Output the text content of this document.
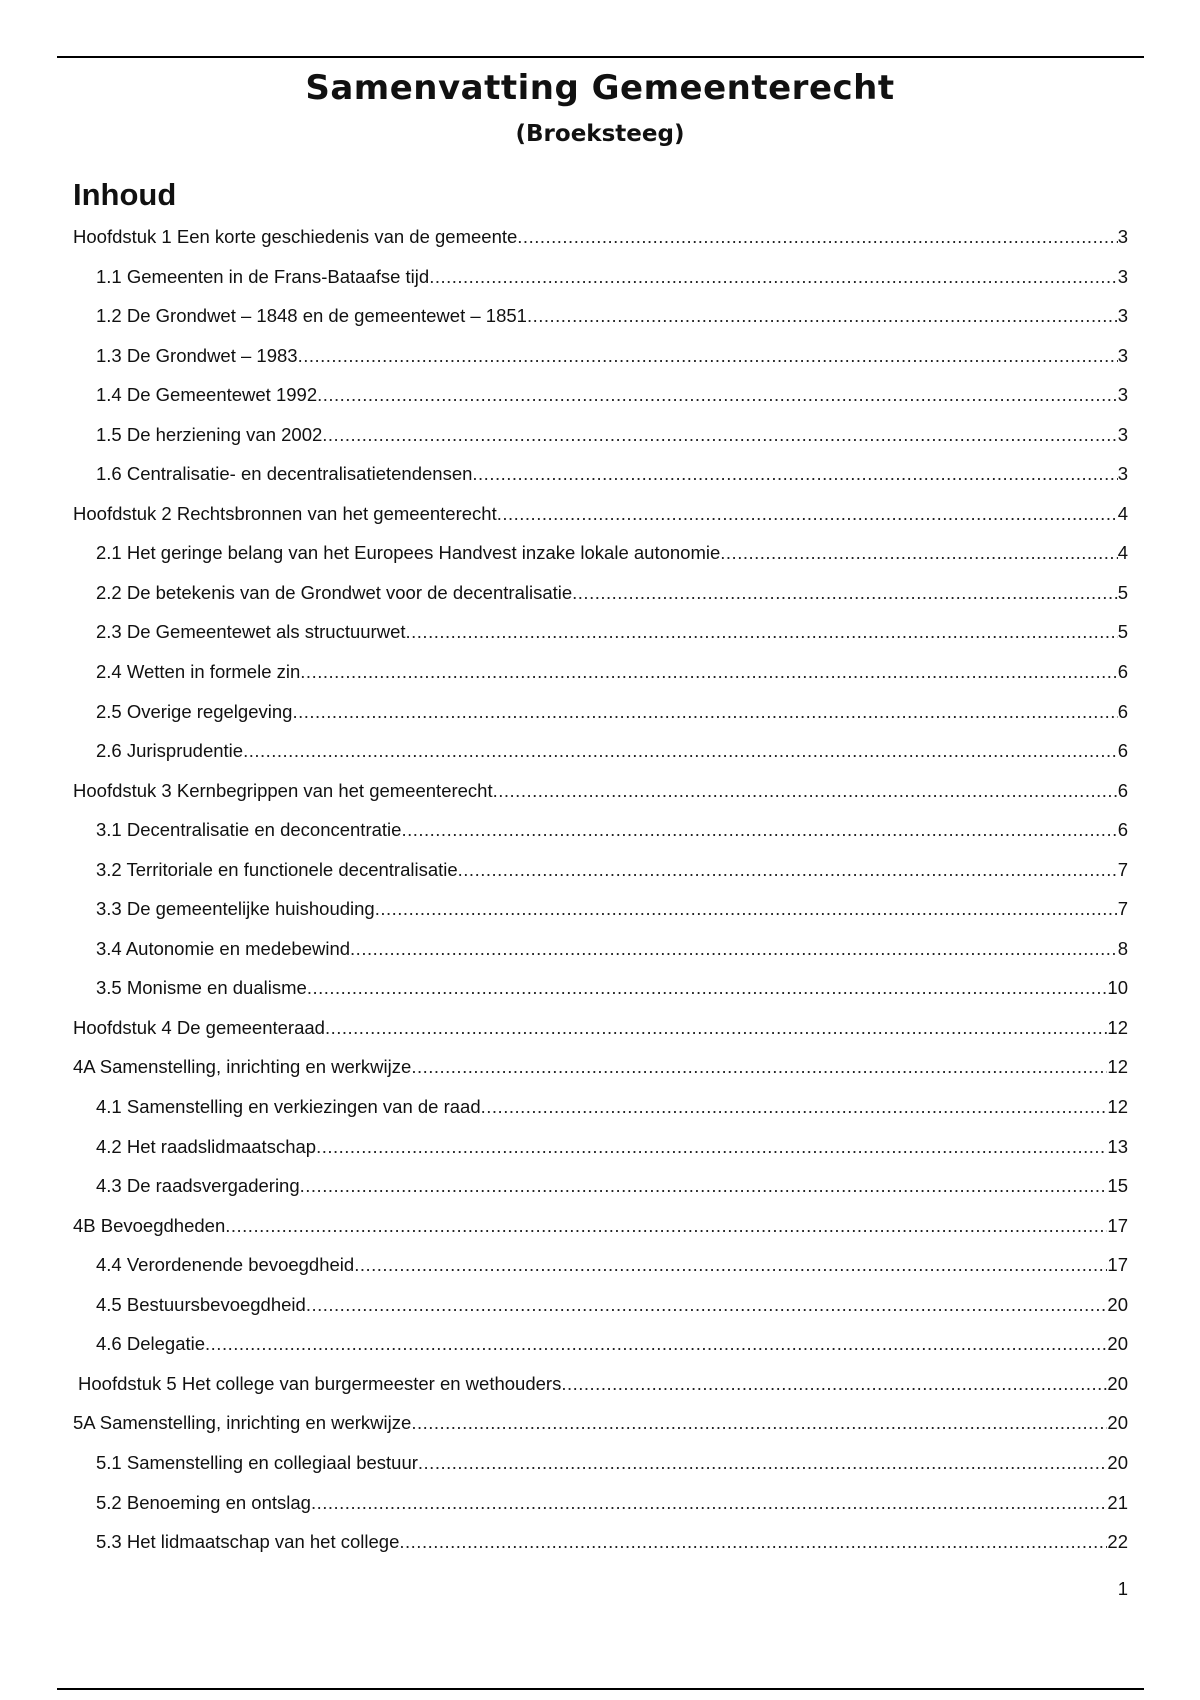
Samenvatting Gemeenterecht
(Broeksteeg)
Inhoud
Hoofdstuk 1 Een korte geschiedenis van de gemeente .....	3
1.1 Gemeenten in de Frans-Bataafse tijd .....	3
1.2 De Grondwet – 1848 en de gemeentewet – 1851 .....	3
1.3 De Grondwet – 1983 .....	3
1.4 De Gemeentewet 1992 .....	3
1.5 De herziening van 2002 .....	3
1.6 Centralisatie- en decentralisatietendensen .....	3
Hoofdstuk 2 Rechtsbronnen van het gemeenterecht .....	4
2.1 Het geringe belang van het Europees Handvest inzake lokale autonomie .....	4
2.2 De betekenis van de Grondwet voor de decentralisatie .....	5
2.3 De Gemeentewet als structuurwet .....	5
2.4 Wetten in formele zin .....	6
2.5 Overige regelgeving .....	6
2.6 Jurisprudentie .....	6
Hoofdstuk 3 Kernbegrippen van het gemeenterecht .....	6
3.1 Decentralisatie en deconcentratie .....	6
3.2 Territoriale en functionele decentralisatie .....	7
3.3 De gemeentelijke huishouding .....	7
3.4 Autonomie en medebewind .....	8
3.5 Monisme en dualisme .....	10
Hoofdstuk 4 De gemeenteraad .....	12
4A Samenstelling, inrichting en werkwijze .....	12
4.1 Samenstelling en verkiezingen van de raad .....	12
4.2 Het raadslidmaatschap .....	13
4.3 De raadsvergadering .....	15
4B Bevoegdheden .....	17
4.4 Verordenende bevoegdheid .....	17
4.5 Bestuursbevoegdheid .....	20
4.6 Delegatie .....	20
Hoofdstuk 5 Het college van burgermeester en wethouders .....	20
5A Samenstelling, inrichting en werkwijze .....	20
5.1 Samenstelling en collegiaal bestuur .....	20
5.2 Benoeming en ontslag .....	21
5.3 Het lidmaatschap van het college .....	22
1
